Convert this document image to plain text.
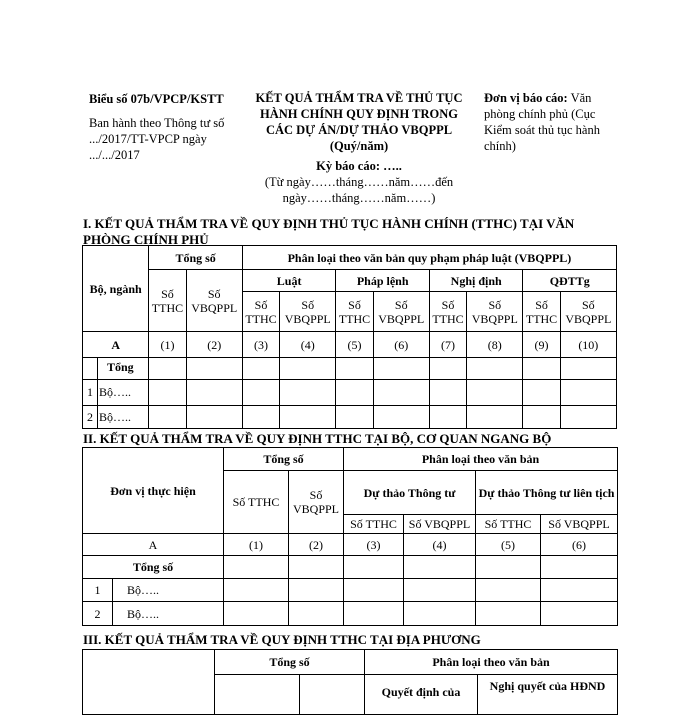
Biểu số 07b/VPCP/KSTT
Ban hành theo Thông tư số .../2017/TT-VPCP ngày .../.../2017
KẾT QUẢ THẨM TRA VỀ THỦ TỤC HÀNH CHÍNH QUY ĐỊNH TRONG CÁC DỰ ÁN/DỰ THẢO VBQPPL (Quý/năm)
Kỳ báo cáo: …..
(Từ ngày……tháng……năm……đến ngày……tháng……năm……)
Đơn vị báo cáo: Văn phòng chính phủ (Cục Kiểm soát thủ tục hành chính)
I. KẾT QUẢ THẨM TRA VỀ QUY ĐỊNH THỦ TỤC HÀNH CHÍNH (TTHC) TẠI VĂN PHÒNG CHÍNH PHỦ
Bộ, ngành	Tổng số		Phân loại theo văn bản quy phạm pháp luật (VBQPPL)							
	Số TTHC	Số VBQPPL	Luật		Pháp lệnh		Nghị định		QĐTTg	
			Số TTHC	Số VBQPPL	Số TTHC	Số VBQPPL	Số TTHC	Số VBQPPL	Số TTHC	Số VBQPPL
A	(1)	(2)	(3)	(4)	(5)	(6)	(7)	(8)	(9)	(10)
Tổng										
1 Bộ…..										
2 Bộ…..										
II. KẾT QUẢ THẨM TRA VỀ QUY ĐỊNH TTHC TẠI BỘ, CƠ QUAN NGANG BỘ
Đơn vị thực hiện		Tổng số		Phân loại theo văn bản			
		Số TTHC	Số VBQPPL	Dự thảo Thông tư		Dự thảo Thông tư liên tịch	
				Số TTHC	Số VBQPPL	Số TTHC	Số VBQPPL
A		(1)	(2)	(3)	(4)	(5)	(6)
Tổng số							
1	Bộ…..						
2	Bộ…..						
III. KẾT QUẢ THẨM TRA VỀ QUY ĐỊNH TTHC TẠI ĐỊA PHƯƠNG
	Tổng số		Phân loại theo văn bản	
			Quyết định của	Nghị quyết của HĐND
